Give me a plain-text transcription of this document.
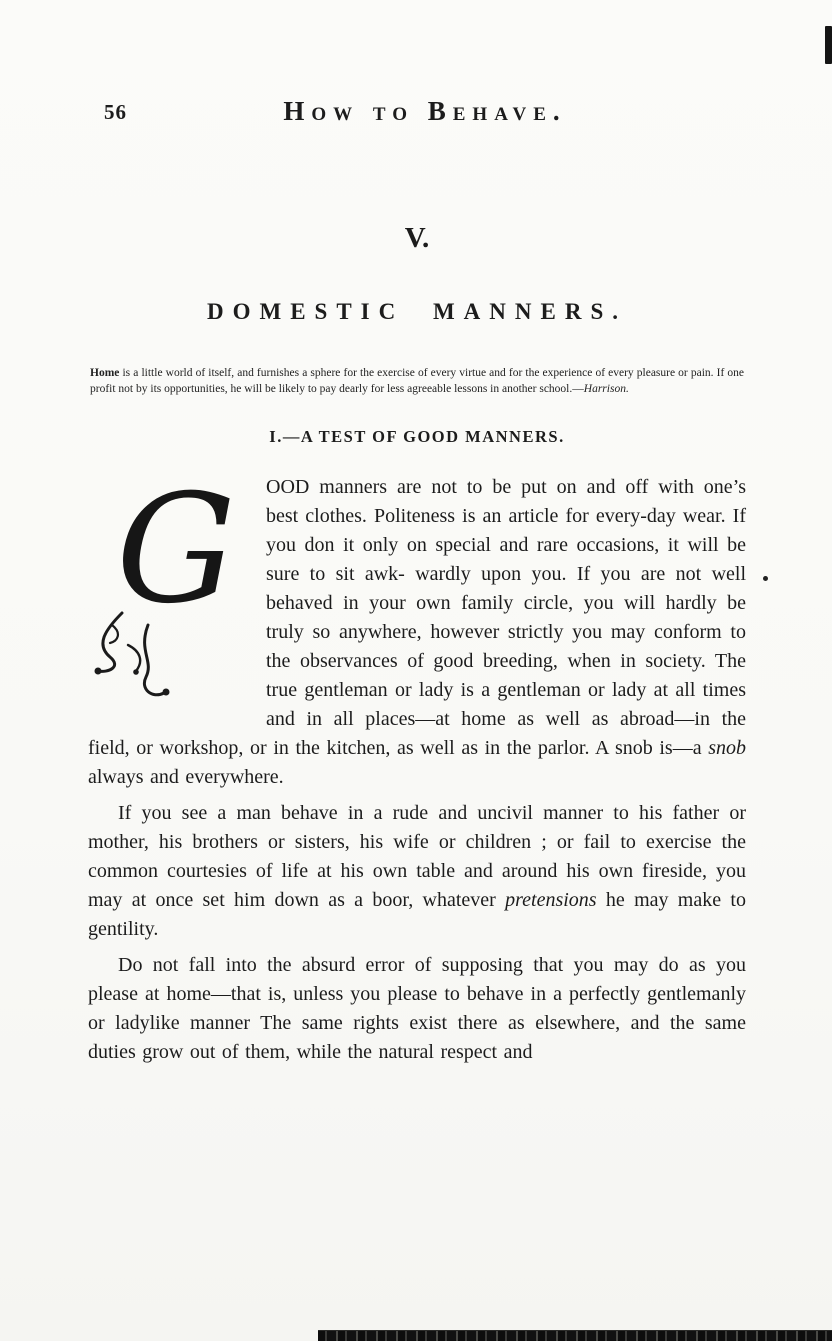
56	How to Behave.
V.
DOMESTIC MANNERS.
Home is a little world of itself, and furnishes a sphere for the exercise of every virtue and for the experience of every pleasure or pain. If one profit not by its opportunities, he will be likely to pay dearly for less agreeable lessons in another school.—Harrison.
I.—A TEST OF GOOD MANNERS.

G OOD manners are not to be put on and off with one’s best clothes. Politeness is an article for every-day wear. If you don it only on special and rare occasions, it will be sure to sit awk- wardly upon you. If you are not well behaved in your own family circle, you will hardly be truly so anywhere, however strictly you may conform to the observances of good breeding, when in society. The true gentleman or lady is a gentleman or lady at all times and in all places—at home as well as abroad—in the field, or workshop, or in the kitchen, as well as in the parlor. A snob is—a snob always and everywhere.

If you see a man behave in a rude and uncivil manner to his father or mother, his brothers or sisters, his wife or children ; or fail to exercise the common courtesies of life at his own table and around his own fireside, you may at once set him down as a boor, whatever pretensions he may make to gentility.

Do not fall into the absurd error of supposing that you may do as you please at home—that is, unless you please to behave in a perfectly gentlemanly or ladylike manner The same rights exist there as elsewhere, and the same duties grow out of them, while the natural respect and
